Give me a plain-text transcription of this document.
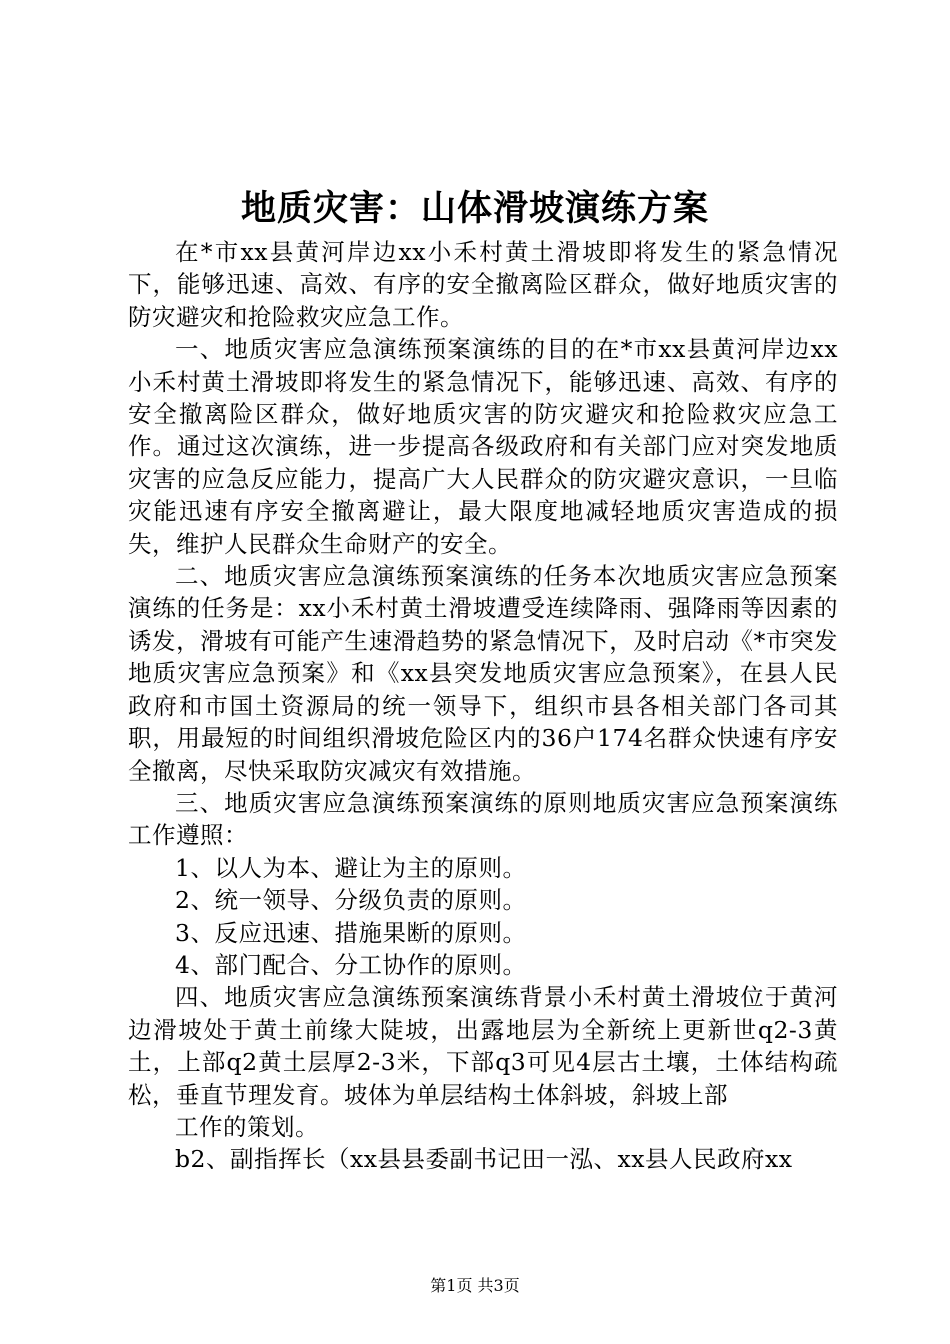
地质灾害：山体滑坡演练方案

在*市xx县黄河岸边xx小禾村黄土滑坡即将发生的紧急情况下，能够迅速、高效、有序的安全撤离险区群众，做好地质灾害的防灾避灾和抢险救灾应急工作。

一、地质灾害应急演练预案演练的目的在*市xx县黄河岸边xx小禾村黄土滑坡即将发生的紧急情况下，能够迅速、高效、有序的安全撤离险区群众，做好地质灾害的防灾避灾和抢险救灾应急工作。通过这次演练，进一步提高各级政府和有关部门应对突发地质灾害的应急反应能力，提高广大人民群众的防灾避灾意识，一旦临灾能迅速有序安全撤离避让，最大限度地减轻地质灾害造成的损失，维护人民群众生命财产的安全。

二、地质灾害应急演练预案演练的任务本次地质灾害应急预案演练的任务是：xx小禾村黄土滑坡遭受连续降雨、强降雨等因素的诱发，滑坡有可能产生速滑趋势的紧急情况下，及时启动《*市突发地质灾害应急预案》和《xx县突发地质灾害应急预案》，在县人民政府和市国土资源局的统一领导下，组织市县各相关部门各司其职，用最短的时间组织滑坡危险区内的36户174名群众快速有序安全撤离，尽快采取防灾减灾有效措施。

三、地质灾害应急演练预案演练的原则地质灾害应急预案演练工作遵照：

1、以人为本、避让为主的原则。

2、统一领导、分级负责的原则。

3、反应迅速、措施果断的原则。

4、部门配合、分工协作的原则。

四、地质灾害应急演练预案演练背景小禾村黄土滑坡位于黄河边滑坡处于黄土前缘大陡坡，出露地层为全新统上更新世q2-3黄土，上部q2黄土层厚2-3米，下部q3可见4层古土壤，土体结构疏松，垂直节理发育。坡体为单层结构土体斜坡，斜坡上部

工作的策划。

b2、副指挥长（xx县县委副书记田一泓、xx县人民政府xx

第1页 共3页
